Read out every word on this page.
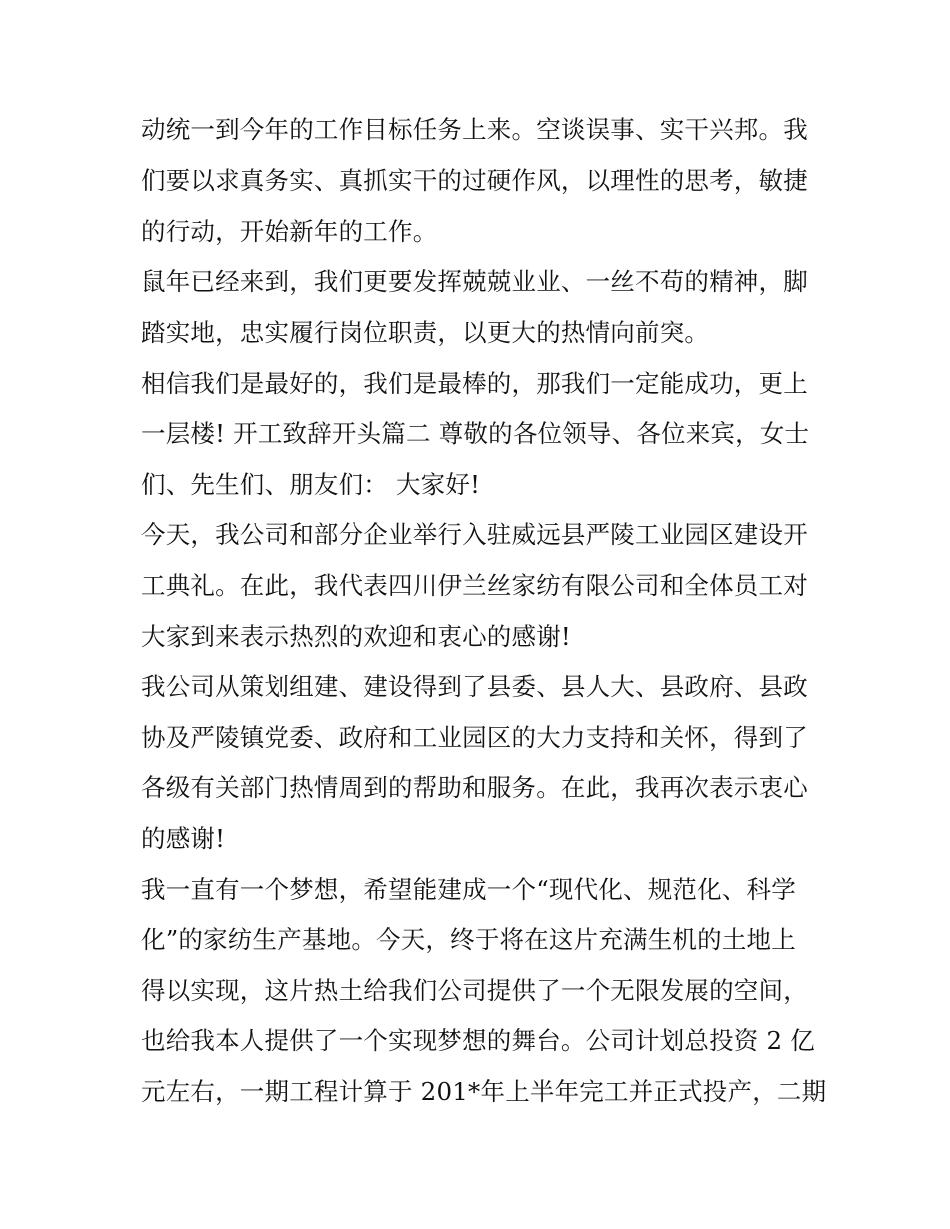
动统一到今年的工作目标任务上来。空谈误事、实干兴邦。我
们要以求真务实、真抓实干的过硬作风，以理性的思考，敏捷
的行动，开始新年的工作。
鼠年已经来到，我们更要发挥兢兢业业、一丝不苟的精神，脚
踏实地，忠实履行岗位职责，以更大的热情向前突。
相信我们是最好的，我们是最棒的，那我们一定能成功，更上
一层楼! 开工致辞开头篇二 尊敬的各位领导、各位来宾，女士
们、先生们、朋友们： 大家好!
今天，我公司和部分企业举行入驻威远县严陵工业园区建设开
工典礼。在此，我代表四川伊兰丝家纺有限公司和全体员工对
大家到来表示热烈的欢迎和衷心的感谢!
我公司从策划组建、建设得到了县委、县人大、县政府、县政
协及严陵镇党委、政府和工业园区的大力支持和关怀，得到了
各级有关部门热情周到的帮助和服务。在此，我再次表示衷心
的感谢!
我一直有一个梦想，希望能建成一个“现代化、规范化、科学
化”的家纺生产基地。今天，终于将在这片充满生机的土地上
得以实现，这片热土给我们公司提供了一个无限发展的空间，
也给我本人提供了一个实现梦想的舞台。公司计划总投资 2 亿
元左右，一期工程计算于 201*年上半年完工并正式投产，二期
